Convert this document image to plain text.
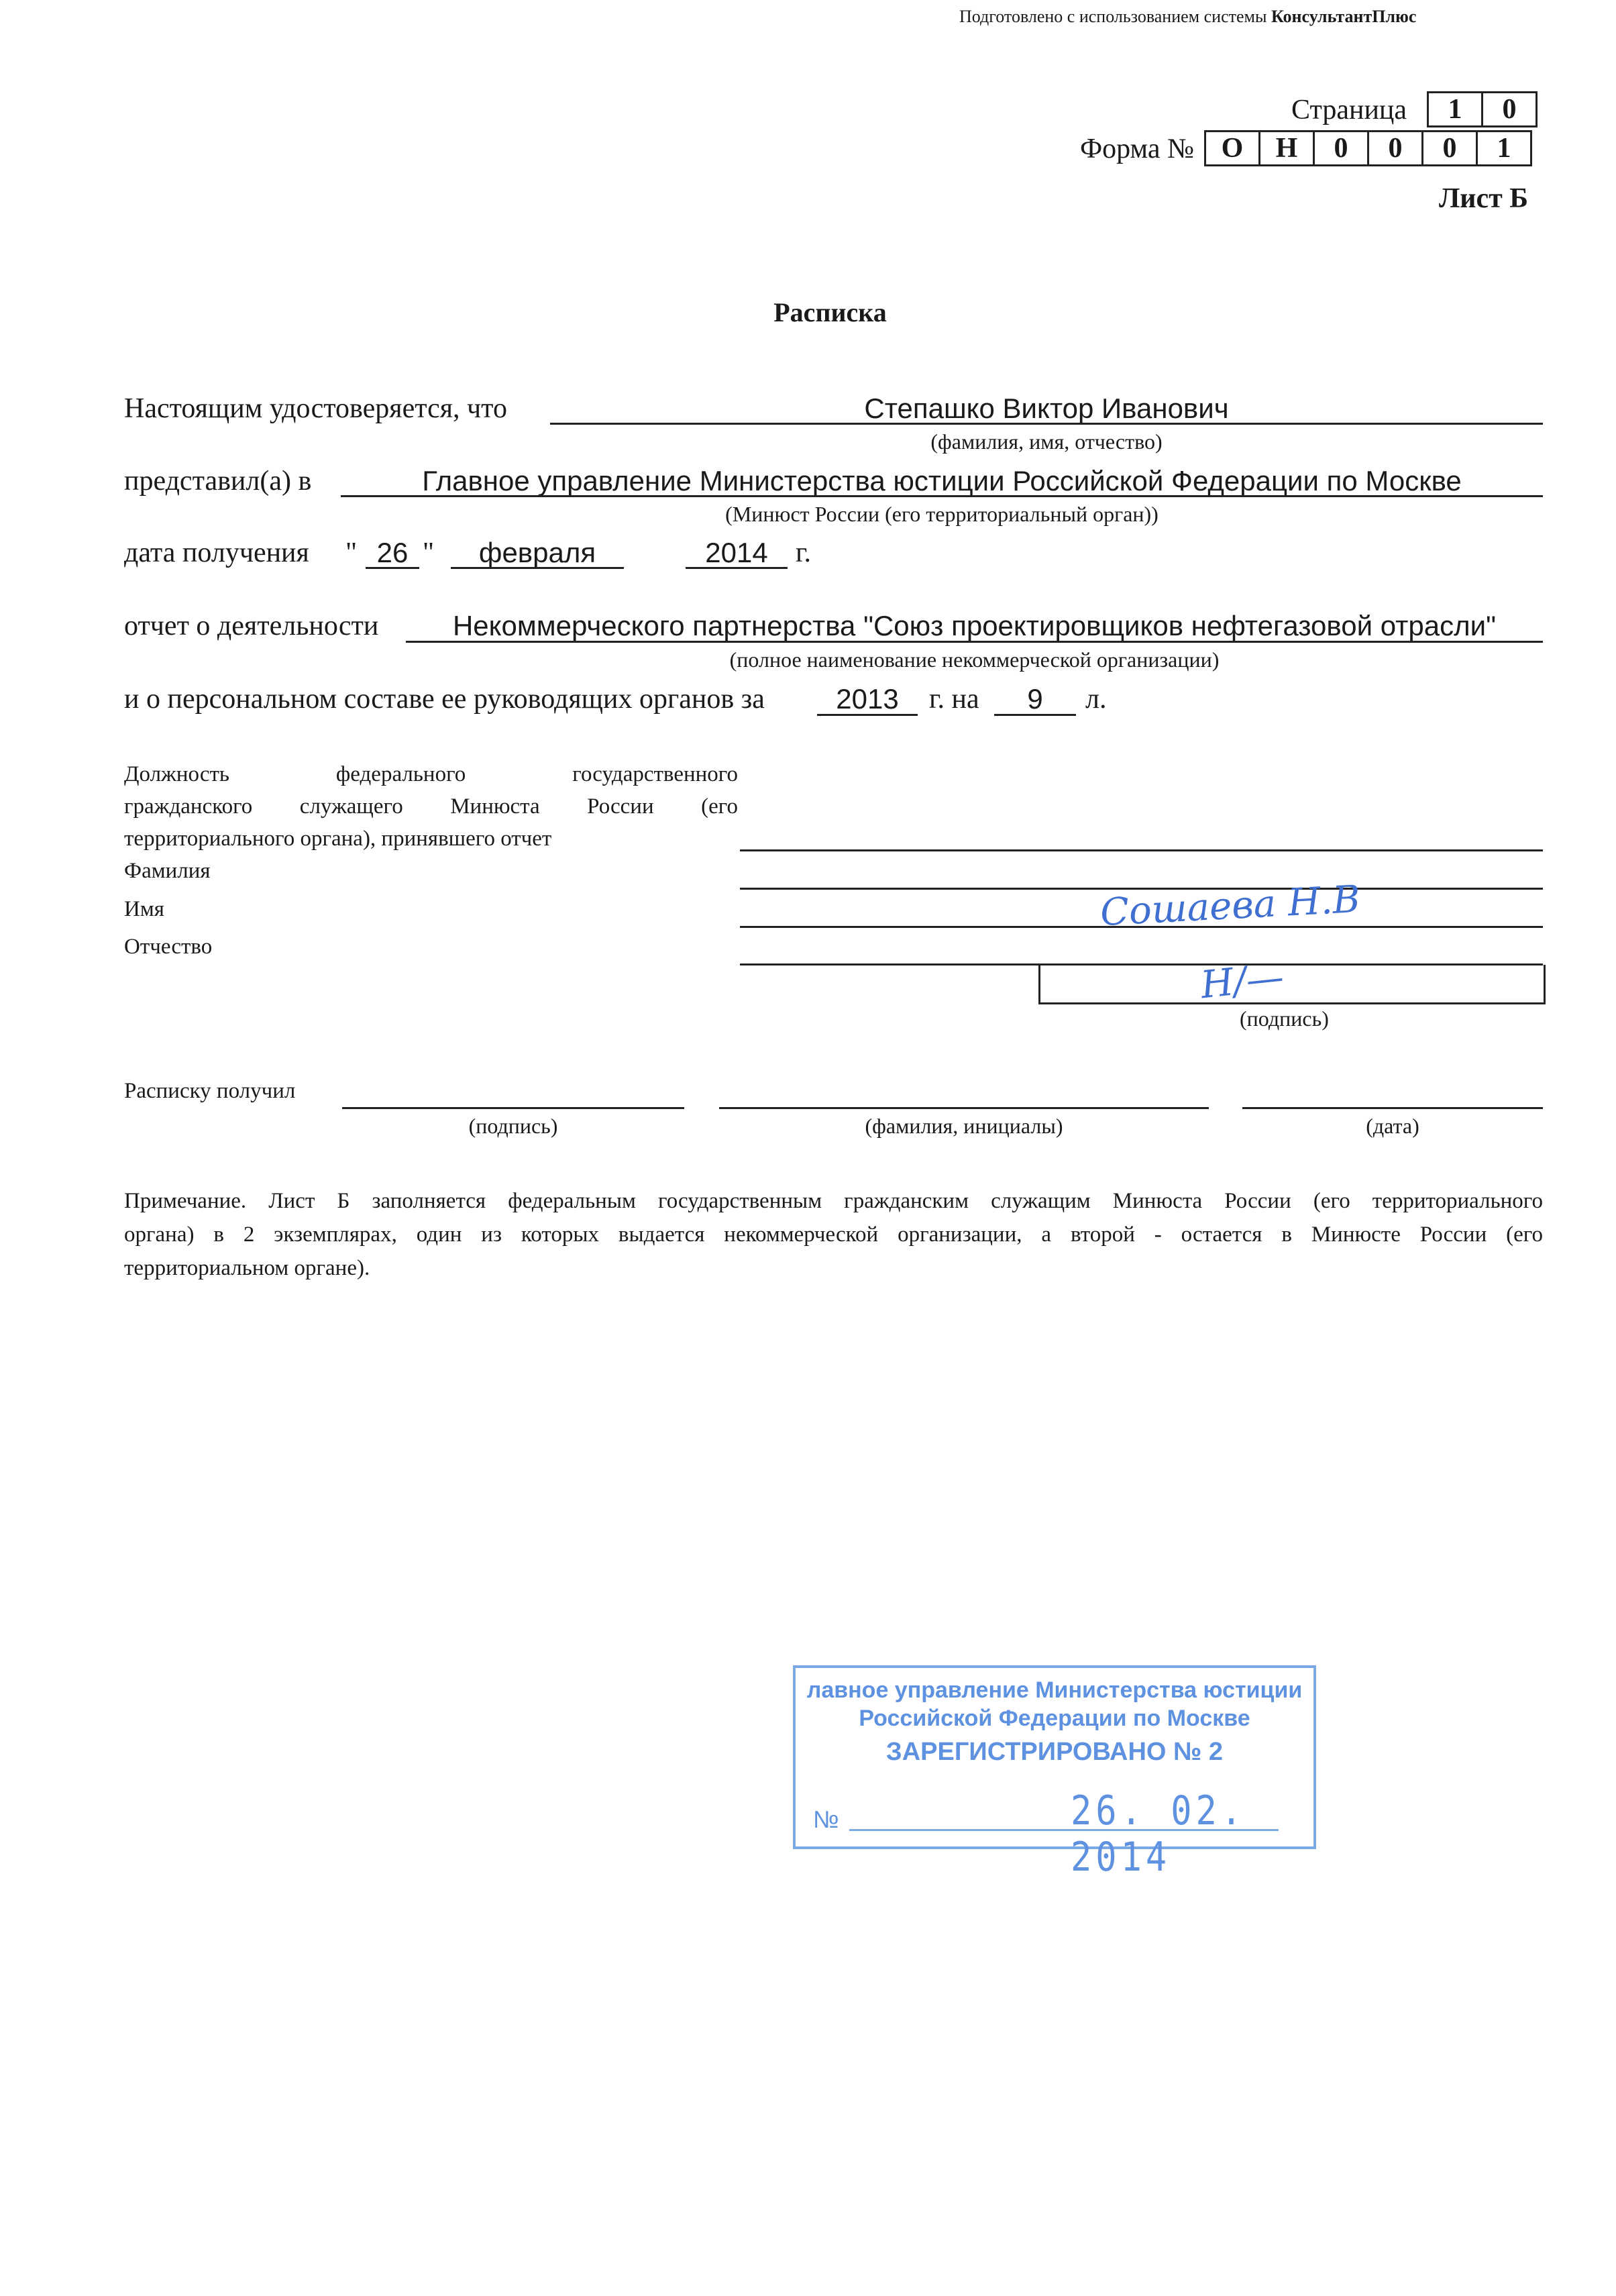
Подготовлено с использованием системы КонсультантПлюс
Страница	1	0
Форма № О	Н	0	0	0	1
Лист Б
Расписка
Настоящим удостоверяется, что	Степашко Виктор Иванович
(фамилия, имя, отчество)
представил(а) в	Главное управление Министерства юстиции Российской Федерации по Москве
(Минюст России (его территориальный орган))
дата получения " 26 "	февраля	2014 г.
отчет о деятельности	Некоммерческого партнерства "Союз проектировщиков нефтегазовой отрасли"
(полное наименование некоммерческой организации)
и о персональном составе ее руководящих органов за	2013	г. на	9	л.
Должность федерального государственного
гражданского служащего Минюста России (его
территориального органа), принявшего отчет
Фамилия
Имя	Сошаева Н.В
Отчество
Н/—
(подпись)
Расписку получил
(подпись)	(фамилия, инициалы)	(дата)
Примечание. Лист Б заполняется федеральным государственным гражданским служащим Минюста России (его территориального
органа) в 2 экземплярах, один из которых выдается некоммерческой организации, а второй - остается в Минюсте России (его
территориальном органе).
лавное управление Министерства юстиции
Российской Федерации по Москве
ЗАРЕГИСТРИРОВАНО № 2
№	26. 02. 2014
